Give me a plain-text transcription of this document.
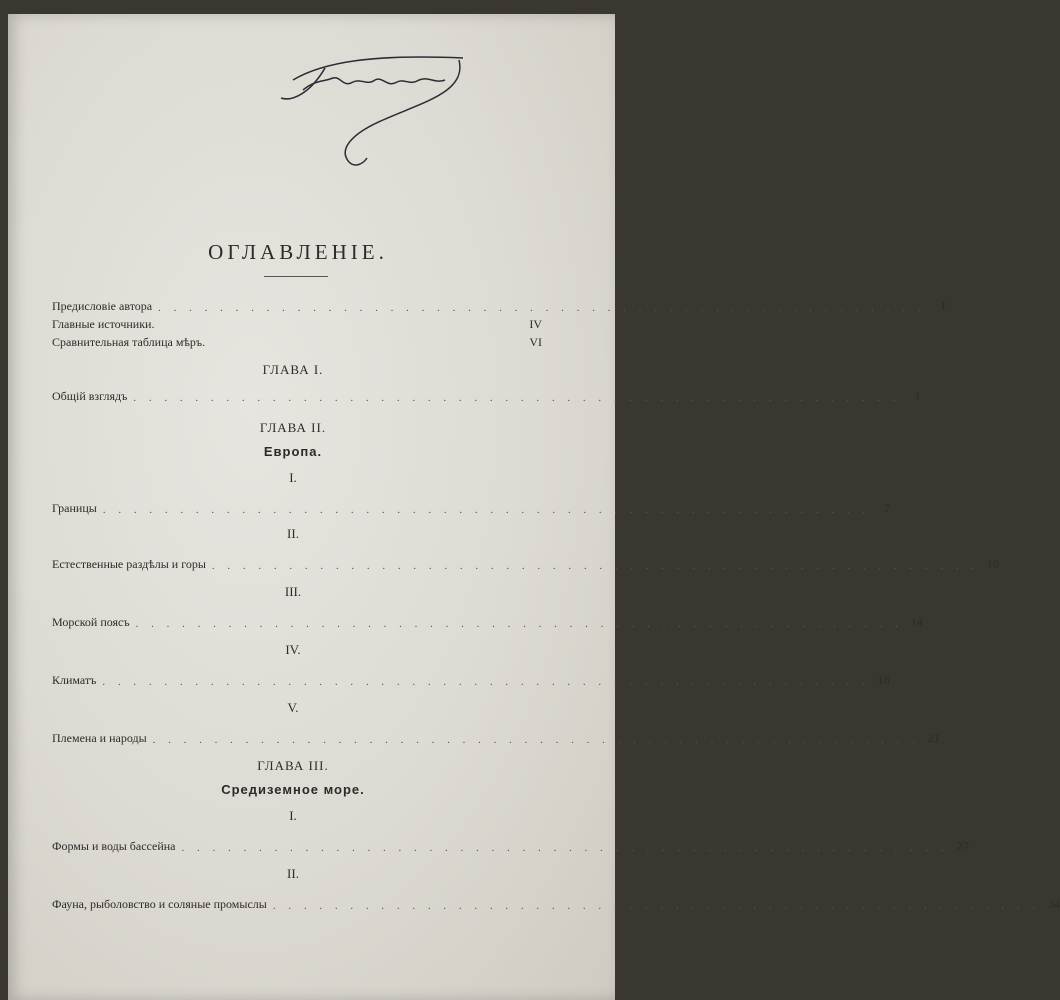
ОГЛАВЛЕНIЕ.
Предисловiе автора . . . . . . . . . . . . . . . . . . . . . . . . . . . . . . . . . . . . . . . . . . . . . . . . . .	I
Главные источники.	IV
Сравнительная таблица мѣръ.	VI
ГЛАВА I.
Общiй взглядъ . . . . . . . . . . . . . . . . . . . . . . . . . . . . . . . . . . . . . . . . . . . . . . . . . .	1
ГЛАВА II.
Европа.
I.
Границы . . . . . . . . . . . . . . . . . . . . . . . . . . . . . . . . . . . . . . . . . . . . . . . . . .	7
II.
Естественные раздѣлы и горы . . . . . . . . . . . . . . . . . . . . . . . . . . . . . . . . . . . . . . . . . . . . . . . . . . 10
III.
Морской поясъ . . . . . . . . . . . . . . . . . . . . . . . . . . . . . . . . . . . . . . . . . . . . . . . . . . 14
IV.
Климатъ . . . . . . . . . . . . . . . . . . . . . . . . . . . . . . . . . . . . . . . . . . . . . . . . . . 18
V.
Племена и народы . . . . . . . . . . . . . . . . . . . . . . . . . . . . . . . . . . . . . . . . . . . . . . . . . . 21
ГЛАВА III.
Средиземное море.
I.
Формы и воды бассейна . . . . . . . . . . . . . . . . . . . . . . . . . . . . . . . . . . . . . . . . . . . . . . . . . . 27
II.
Фауна, рыболовство и соляные промыслы . . . . . . . . . . . . . . . . . . . . . . . . . . . . . . . . . . . . . . . . . . . . . . . . . . 34
